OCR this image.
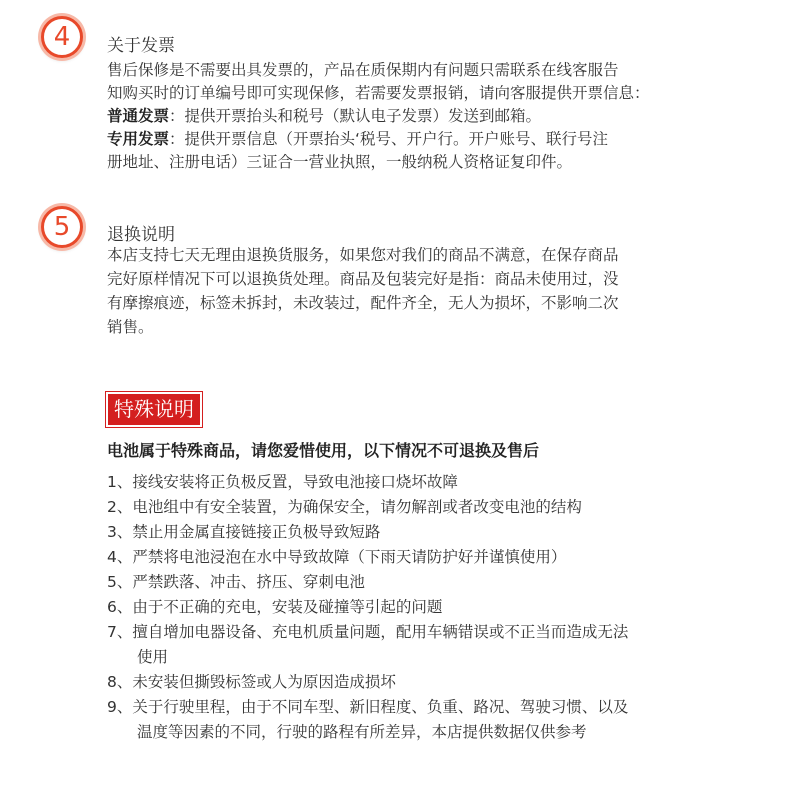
4	关于发票
售后保修是不需要出具发票的，产品在质保期内有问题只需联系在线客服告
知购买时的订单编号即可实现保修，若需要发票报销，请向客服提供开票信息：
普通发票：提供开票抬头和税号（默认电子发票）发送到邮箱。
专用发票：提供开票信息（开票抬头‘税号、开户行。开户账号、联行号注
册地址、注册电话）三证合一营业执照，一般纳税人资格证复印件。
5	退换说明
本店支持七天无理由退换货服务，如果您对我们的商品不满意，在保存商品
完好原样情况下可以退换货处理。商品及包装完好是指：商品未使用过，没
有摩擦痕迹，标签未拆封，未改装过，配件齐全，无人为损坏，不影响二次
销售。
特殊说明
电池属于特殊商品，请您爱惜使用，以下情况不可退换及售后
1、接线安装将正负极反置，导致电池接口烧坏故障
2、电池组中有安全装置，为确保安全，请勿解剖或者改变电池的结构
3、禁止用金属直接链接正负极导致短路
4、严禁将电池浸泡在水中导致故障（下雨天请防护好并谨慎使用）
5、严禁跌落、冲击、挤压、穿刺电池
6、由于不正确的充电，安装及碰撞等引起的问题
7、擅自增加电器设备、充电机质量问题，配用车辆错误或不正当而造成无法
使用
8、未安装但撕毁标签或人为原因造成损坏
9、关于行驶里程，由于不同车型、新旧程度、负重、路况、驾驶习惯、以及
温度等因素的不同，行驶的路程有所差异，本店提供数据仅供参考
